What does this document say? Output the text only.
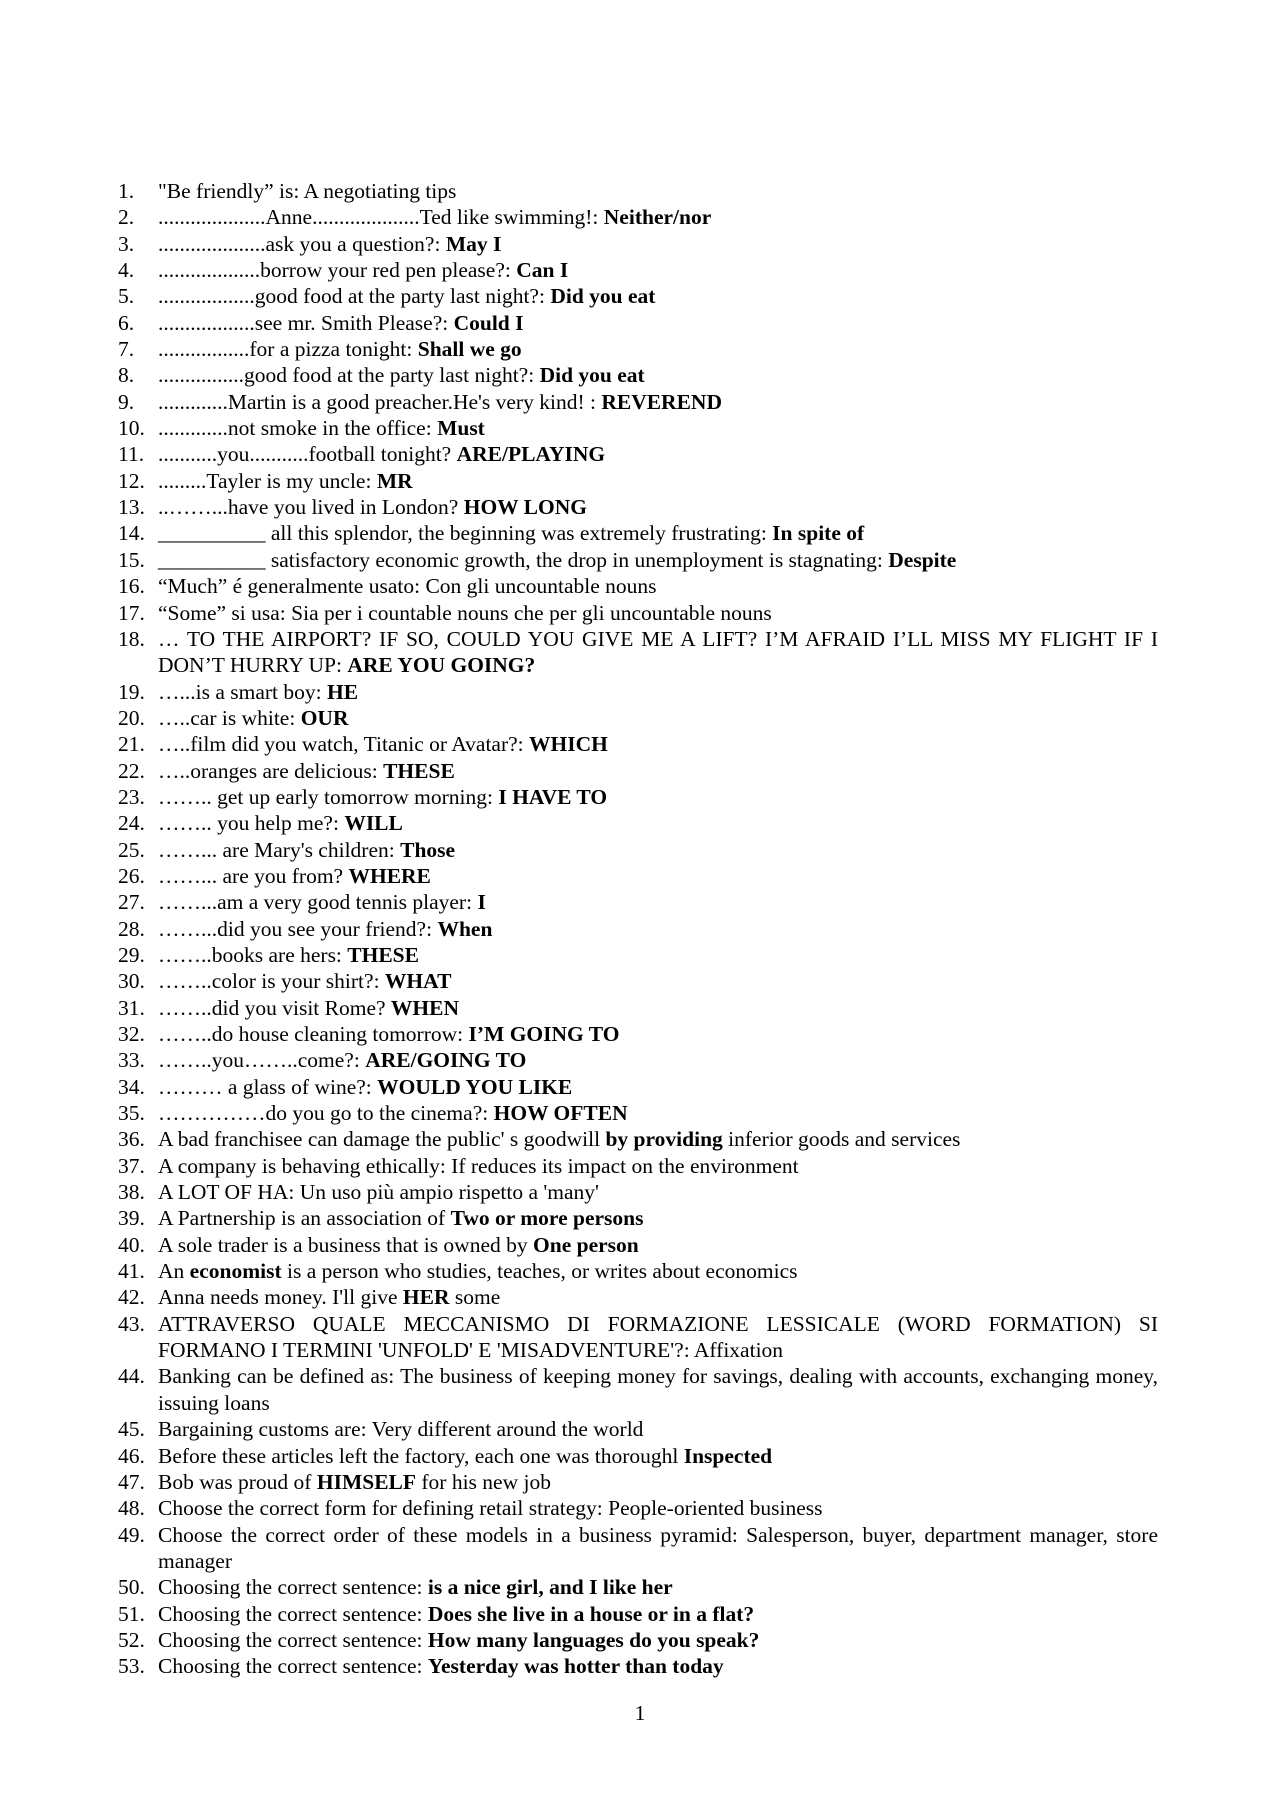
1.	"Be friendly” is: A negotiating tips
2.	....................Anne....................Ted like swimming!: Neither/nor
3.	....................ask you a question?: May I
4.	...................borrow your red pen please?: Can I
5.	..................good food at the party last night?: Did you eat
6.	..................see mr. Smith Please?: Could I
7.	.................for a pizza tonight: Shall we go
8.	................good food at the party last night?: Did you eat
9.	.............Martin is a good preacher.He's very kind! : REVEREND
10. .............not smoke in the office: Must
11. ...........you...........football tonight? ARE/PLAYING
12. .........Tayler is my uncle: MR
13. ..……...have you lived in London? HOW LONG
14. __________ all this splendor, the beginning was extremely frustrating: In spite of
15. __________ satisfactory economic growth, the drop in unemployment is stagnating: Despite
16. “Much” é generalmente usato: Con gli uncountable nouns
17. “Some” si usa: Sia per i countable nouns che per gli uncountable nouns
18. … TO THE AIRPORT? IF SO, COULD YOU GIVE ME A LIFT? I’M AFRAID I’LL MISS MY FLIGHT IF I DON’T HURRY UP: ARE YOU GOING?
19. …...is a smart boy: HE
20. …..car is white: OUR
21. …..film did you watch, Titanic or Avatar?: WHICH
22. …..oranges are delicious: THESE
23. …….. get up early tomorrow morning: I HAVE TO
24. …….. you help me?: WILL
25. ……... are Mary's children: Those
26. ……... are you from? WHERE
27. ……...am a very good tennis player: I
28. ……...did you see your friend?: When
29. ……..books are hers: THESE
30. ……..color is your shirt?: WHAT
31. ……..did you visit Rome? WHEN
32. ……..do house cleaning tomorrow: I’M GOING TO
33. ……..you……..come?: ARE/GOING TO
34. ……… a glass of wine?: WOULD YOU LIKE
35. ……………do you go to the cinema?: HOW OFTEN
36. A bad franchisee can damage the public' s goodwill by providing inferior goods and services
37. A company is behaving ethically: If reduces its impact on the environment
38. A LOT OF HA: Un uso più ampio rispetto a 'many'
39. A Partnership is an association of Two or more persons
40. A sole trader is a business that is owned by One person
41. An economist is a person who studies, teaches, or writes about economics
42. Anna needs money. I'll give HER some
43. ATTRAVERSO QUALE MECCANISMO DI FORMAZIONE LESSICALE (WORD FORMATION) SI FORMANO I TERMINI 'UNFOLD' E 'MISADVENTURE'?: Affixation
44. Banking can be defined as: The business of keeping money for savings, dealing with accounts, exchanging money, issuing loans
45. Bargaining customs are: Very different around the world
46. Before these articles left the factory, each one was thoroughl Inspected
47. Bob was proud of HIMSELF for his new job
48. Choose the correct form for defining retail strategy: People-oriented business
49. Choose the correct order of these models in a business pyramid: Salesperson, buyer, department manager, store manager
50. Choosing the correct sentence: is a nice girl, and I like her
51. Choosing the correct sentence: Does she live in a house or in a flat?
52. Choosing the correct sentence: How many languages do you speak?
53. Choosing the correct sentence: Yesterday was hotter than today
1
